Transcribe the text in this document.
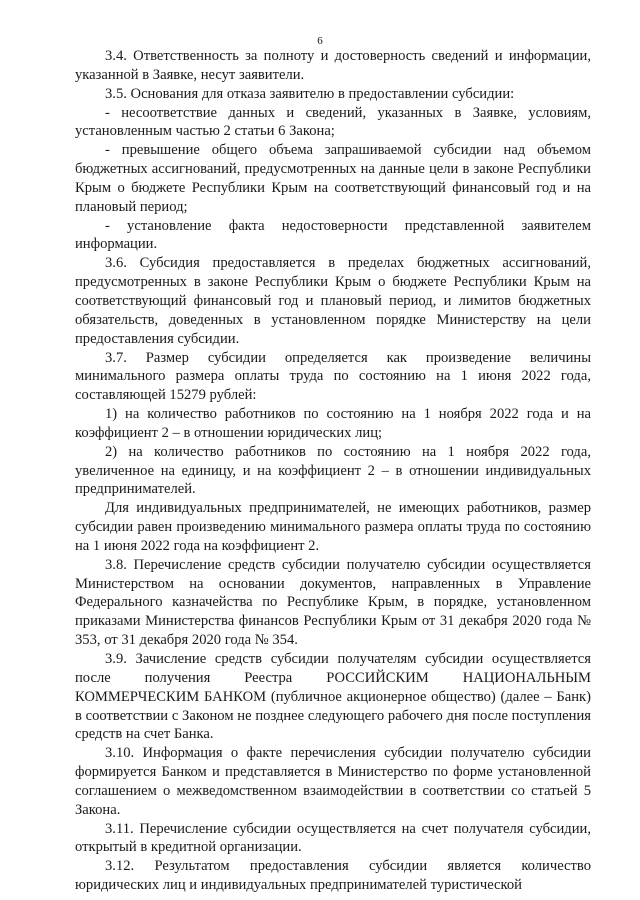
6

3.4. Ответственность за полноту и достоверность сведений и информации, указанной в Заявке, несут заявители.

3.5. Основания для отказа заявителю в предоставлении субсидии:

- несоответствие данных и сведений, указанных в Заявке, условиям, установленным частью 2 статьи 6 Закона;

- превышение общего объема запрашиваемой субсидии над объемом бюджетных ассигнований, предусмотренных на данные цели в законе Республики Крым о бюджете Республики Крым на соответствующий финансовый год и на плановый период;

- установление факта недостоверности представленной заявителем информации.

3.6. Субсидия предоставляется в пределах бюджетных ассигнований, предусмотренных в законе Республики Крым о бюджете Республики Крым на соответствующий финансовый год и плановый период, и лимитов бюджетных обязательств, доведенных в установленном порядке Министерству на цели предоставления субсидии.

3.7. Размер субсидии определяется как произведение величины минимального размера оплаты труда по состоянию на 1 июня 2022 года, составляющей 15279 рублей:

1) на количество работников по состоянию на 1 ноября 2022 года и на коэффициент 2 – в отношении юридических лиц;

2) на количество работников по состоянию на 1 ноября 2022 года, увеличенное на единицу, и на коэффициент 2 – в отношении индивидуальных предпринимателей.

Для индивидуальных предпринимателей, не имеющих работников, размер субсидии равен произведению минимального размера оплаты труда по состоянию на 1 июня 2022 года на коэффициент 2.

3.8. Перечисление средств субсидии получателю субсидии осуществляется Министерством на основании документов, направленных в Управление Федерального казначейства по Республике Крым, в порядке, установленном приказами Министерства финансов Республики Крым от 31 декабря 2020 года № 353, от 31 декабря 2020 года № 354.

3.9. Зачисление средств субсидии получателям субсидии осуществляется после получения Реестра РОССИЙСКИМ НАЦИОНАЛЬНЫМ КОММЕРЧЕСКИМ БАНКОМ (публичное акционерное общество) (далее – Банк) в соответствии с Законом не позднее следующего рабочего дня после поступления средств на счет Банка.

3.10. Информация о факте перечисления субсидии получателю субсидии формируется Банком и представляется в Министерство по форме установленной соглашением о межведомственном взаимодействии в соответствии со статьей 5 Закона.

3.11. Перечисление субсидии осуществляется на счет получателя субсидии, открытый в кредитной организации.

3.12. Результатом предоставления субсидии является количество юридических лиц и индивидуальных предпринимателей туристической
